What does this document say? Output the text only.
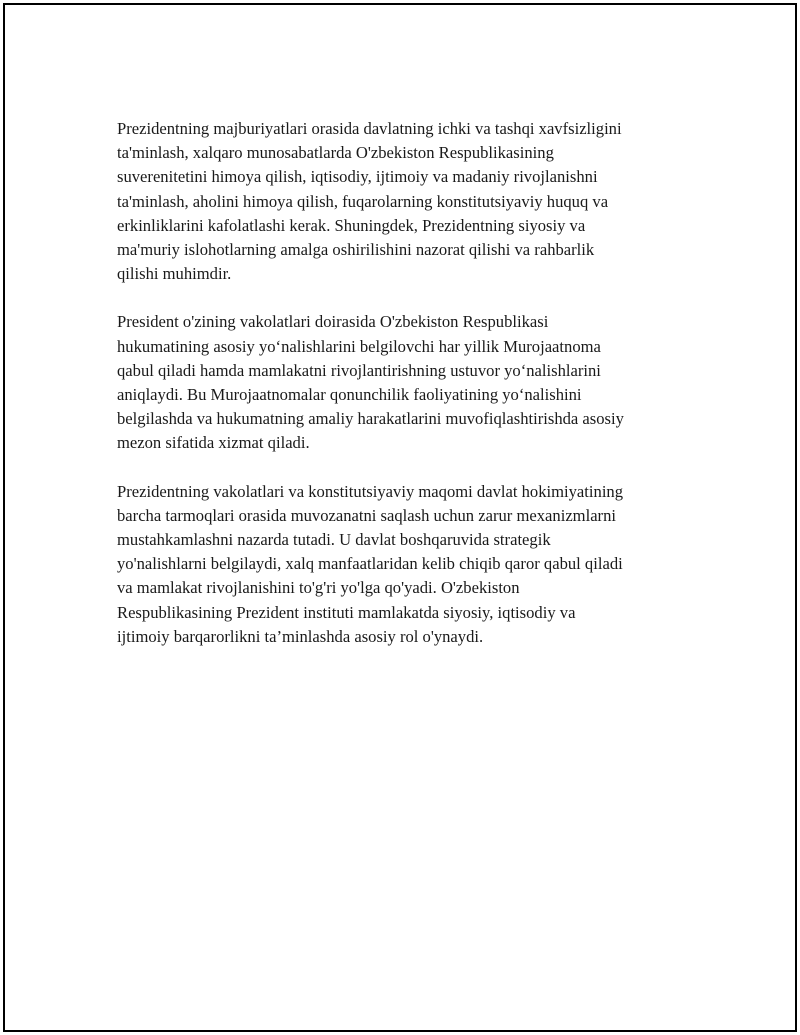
Prezidentning majburiyatlari orasida davlatning ichki va tashqi xavfsizligini
ta'minlash, xalqaro munosabatlarda O'zbekiston Respublikasining
suverenitetini himoya qilish, iqtisodiy, ijtimoiy va madaniy rivojlanishni
ta'minlash, aholini himoya qilish, fuqarolarning konstitutsiyaviy huquq va
erkinliklarini kafolatlashi kerak. Shuningdek, Prezidentning siyosiy va
ma'muriy islohotlarning amalga oshirilishini nazorat qilishi va rahbarlik
qilishi muhimdir.

President o'zining vakolatlari doirasida O'zbekiston Respublikasi
hukumatining asosiy yo‘nalishlarini belgilovchi har yillik Murojaatnoma
qabul qiladi hamda mamlakatni rivojlantirishning ustuvor yo‘nalishlarini
aniqlaydi. Bu Murojaatnomalar qonunchilik faoliyatining yo‘nalishini
belgilashda va hukumatning amaliy harakatlarini muvofiqlashtirishda asosiy
mezon sifatida xizmat qiladi.

Prezidentning vakolatlari va konstitutsiyaviy maqomi davlat hokimiyatining
barcha tarmoqlari orasida muvozanatni saqlash uchun zarur mexanizmlarni
mustahkamlashni nazarda tutadi. U davlat boshqaruvida strategik
yo'nalishlarni belgilaydi, xalq manfaatlaridan kelib chiqib qaror qabul qiladi
va mamlakat rivojlanishini to'g'ri yo'lga qo'yadi. O'zbekiston
Respublikasining Prezident instituti mamlakatda siyosiy, iqtisodiy va
ijtimoiy barqarorlikni ta’minlashda asosiy rol o'ynaydi.
